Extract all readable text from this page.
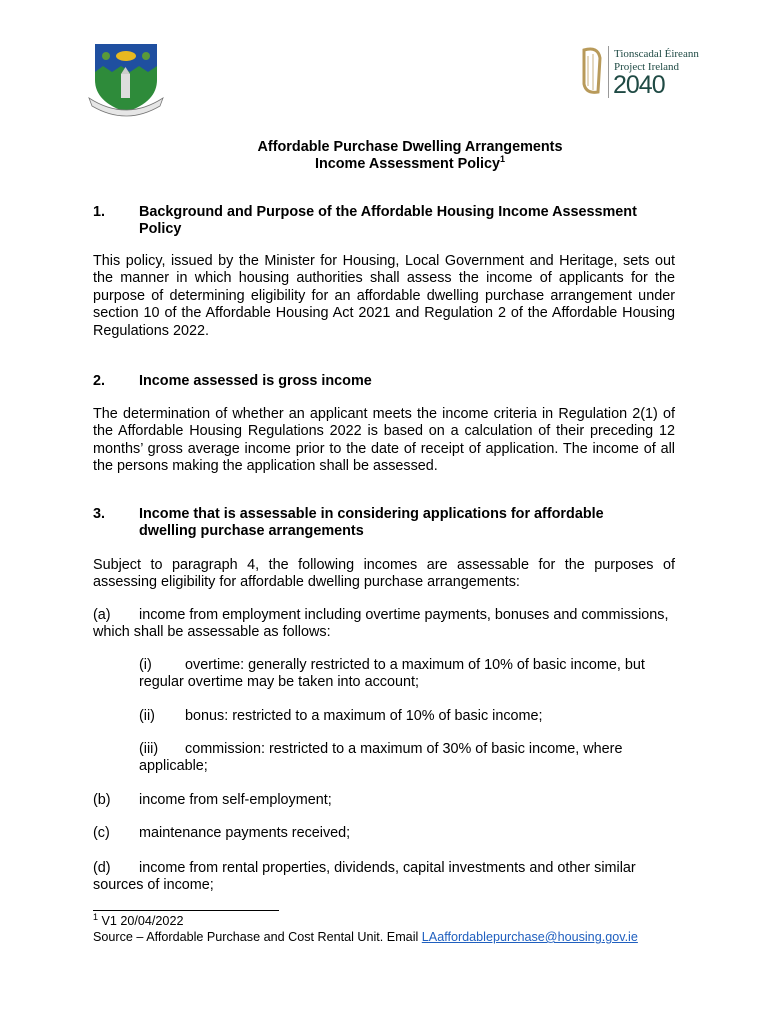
Tionscadal Éireann
Project Ireland
2040
Affordable Purchase Dwelling Arrangements
Income Assessment Policy$^1$
1.	Background and Purpose of the Affordable Housing Income Assessment Policy
This policy, issued by the Minister for Housing, Local Government and Heritage, sets out the manner in which housing authorities shall assess the income of applicants for the purpose of determining eligibility for an affordable dwelling purchase arrangement under section 10 of the Affordable Housing Act 2021 and Regulation 2 of the Affordable Housing Regulations 2022.
2.	Income assessed is gross income
The determination of whether an applicant meets the income criteria in Regulation 2(1) of the Affordable Housing Regulations 2022 is based on a calculation of their preceding 12 months’ gross average income prior to the date of receipt of application. The income of all the persons making the application shall be assessed.
3.	Income that is assessable in considering applications for affordable dwelling purchase arrangements
Subject to paragraph 4, the following incomes are assessable for the purposes of assessing eligibility for affordable dwelling purchase arrangements:
(a) income from employment including overtime payments, bonuses and commissions, which shall be assessable as follows:
(i) overtime: generally restricted to a maximum of 10% of basic income, but regular overtime may be taken into account;
(ii) bonus: restricted to a maximum of 10% of basic income;
(iii) commission: restricted to a maximum of 30% of basic income, where applicable;
(b) income from self-employment;
(c) maintenance payments received;
(d) income from rental properties, dividends, capital investments and other similar sources of income;
$^1$ V1 20/04/2022
Source – Affordable Purchase and Cost Rental Unit. Email LAaffordablepurchase@housing.gov.ie
